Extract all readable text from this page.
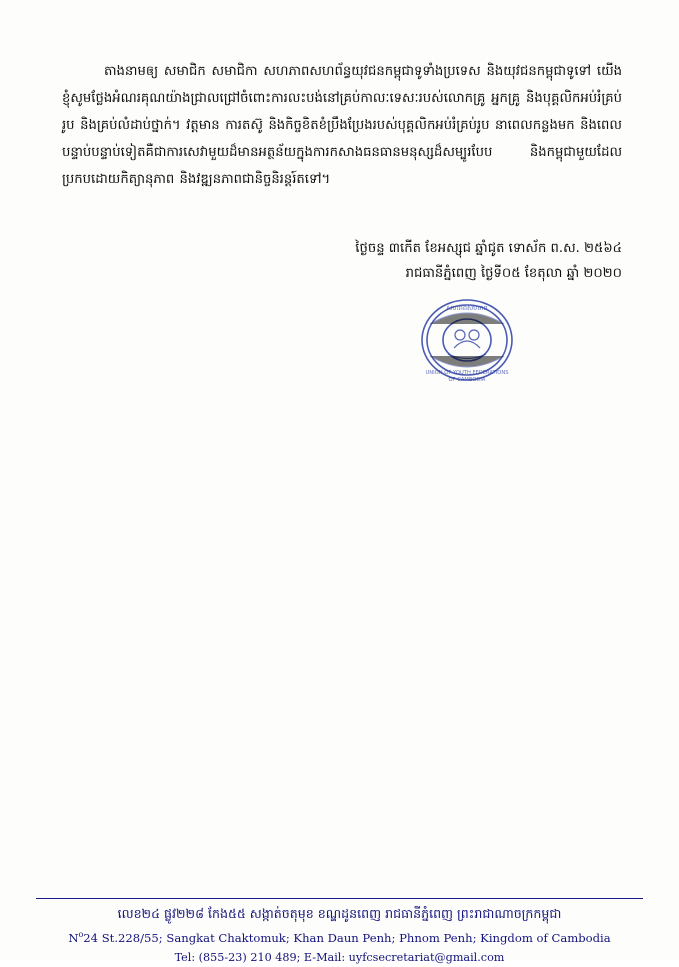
តាងនាមឲ្យ សមាជិក សមាជិកា សហភាពសហព័ន្ធយុវជនកម្ពុជាទូទាំងប្រទេស និងយុវជនកម្ពុជាទូទៅ យើងខ្ញុំសូមថ្លែងអំណរគុណយ៉ាងជ្រាលជ្រៅចំពោះការលះបង់នៅគ្រប់កាលៈទេសៈរបស់លោកគ្រូ អ្នកគ្រូ និងបុគ្គលិកអប់រំគ្រប់រូប និងគ្រប់លំដាប់ថ្នាក់។ វត្តមាន ការតស៊ូ និងកិច្ចខិតខំប្រឹងប្រែងរបស់បុគ្គលិកអប់រំគ្រប់រូប នាពេលកន្លងមក និងពេលបន្ទាប់បន្ទាប់ទៀតគឺជាការសេវាមួយដ៏មានអត្ថន័យក្នុងការកសាងធនធានមនុស្សដ៏សម្បូរបែប និងកម្ពុជាមួយដែលប្រកបដោយកិត្យានុភាព និងវឌ្ឍនភាពជានិច្ចនិរន្តរ៍តទៅ។

ថ្ងៃចន្ទ ៣កើត ខែអស្សុជ ឆ្នាំជូត ទោស័ក ព.ស. ២៥៦៤
រាជធានីភ្នំពេញ ថ្ងៃទី០៥ ខែតុលា ឆ្នាំ ២០២០
សហរាពសហរាព
UNION OF YOUTH FEDERATIONS
OF CAMBODIA
លេខ២៤ ផ្លូវ២២៨ កែង៥៥ សង្កាត់ចតុមុខ ខណ្ឌដូនពេញ រាជធានីភ្នំពេញ ព្រះរាជាណាចក្រកម្ពុជា
$N^o24$ St.228/55; Sangkat Chaktomuk; Khan Daun Penh; Phnom Penh; Kingdom of Cambodia
Tel: (855-23) 210 489; E-Mail: uyfcsecretariat@gmail.com
